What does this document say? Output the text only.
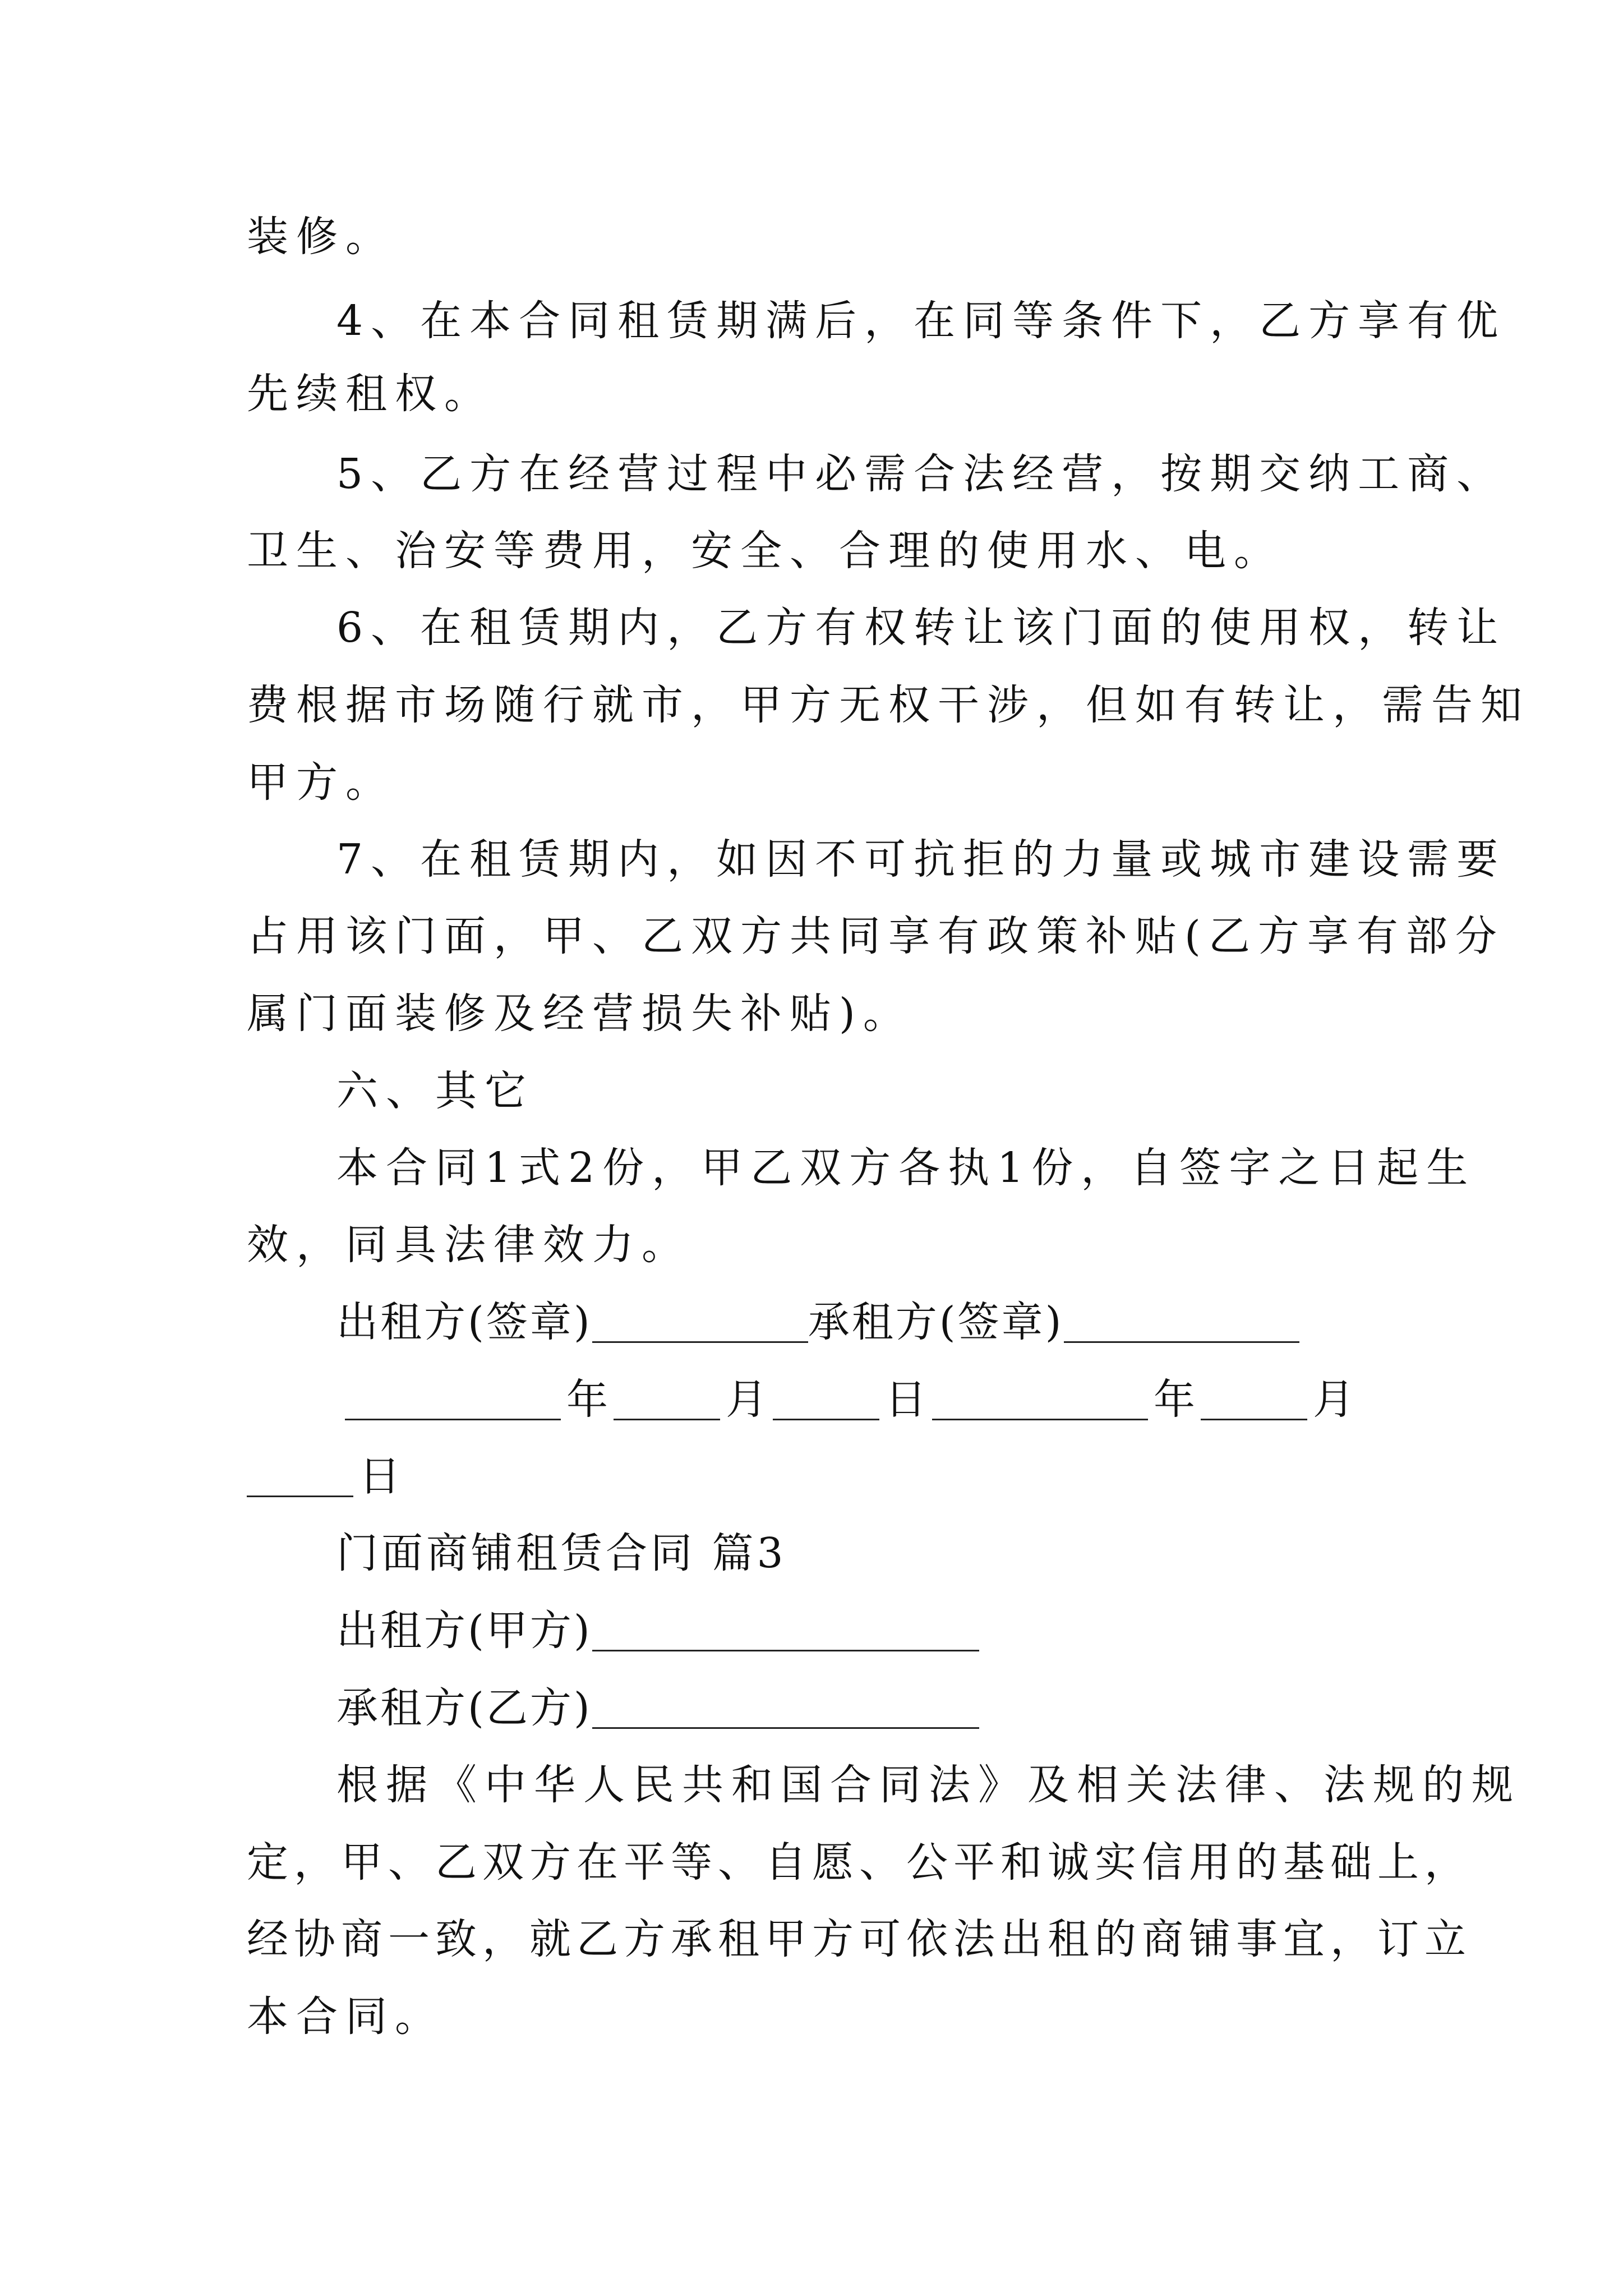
装修。
4、在本合同租赁期满后，在同等条件下，乙方享有优
先续租权。
5、乙方在经营过程中必需合法经营，按期交纳工商、
卫生、治安等费用，安全、合理的使用水、电。
6、在租赁期内，乙方有权转让该门面的使用权，转让
费根据市场随行就市，甲方无权干涉，但如有转让，需告知
甲方。
7、在租赁期内，如因不可抗拒的力量或城市建设需要
占用该门面，甲、乙双方共同享有政策补贴(乙方享有部分
属门面装修及经营损失补贴)。
六、其它
本合同1式2份，甲乙双方各执1份，自签字之日起生
效，同具法律效力。
出租方(签章)	承租方(签章)
年	月	日	年	月
日
门面商铺租赁合同 篇3
出租方(甲方)
承租方(乙方)
根据《中华人民共和国合同法》及相关法律、法规的规
定，甲、乙双方在平等、自愿、公平和诚实信用的基础上，
经协商一致，就乙方承租甲方可依法出租的商铺事宜，订立
本合同。
